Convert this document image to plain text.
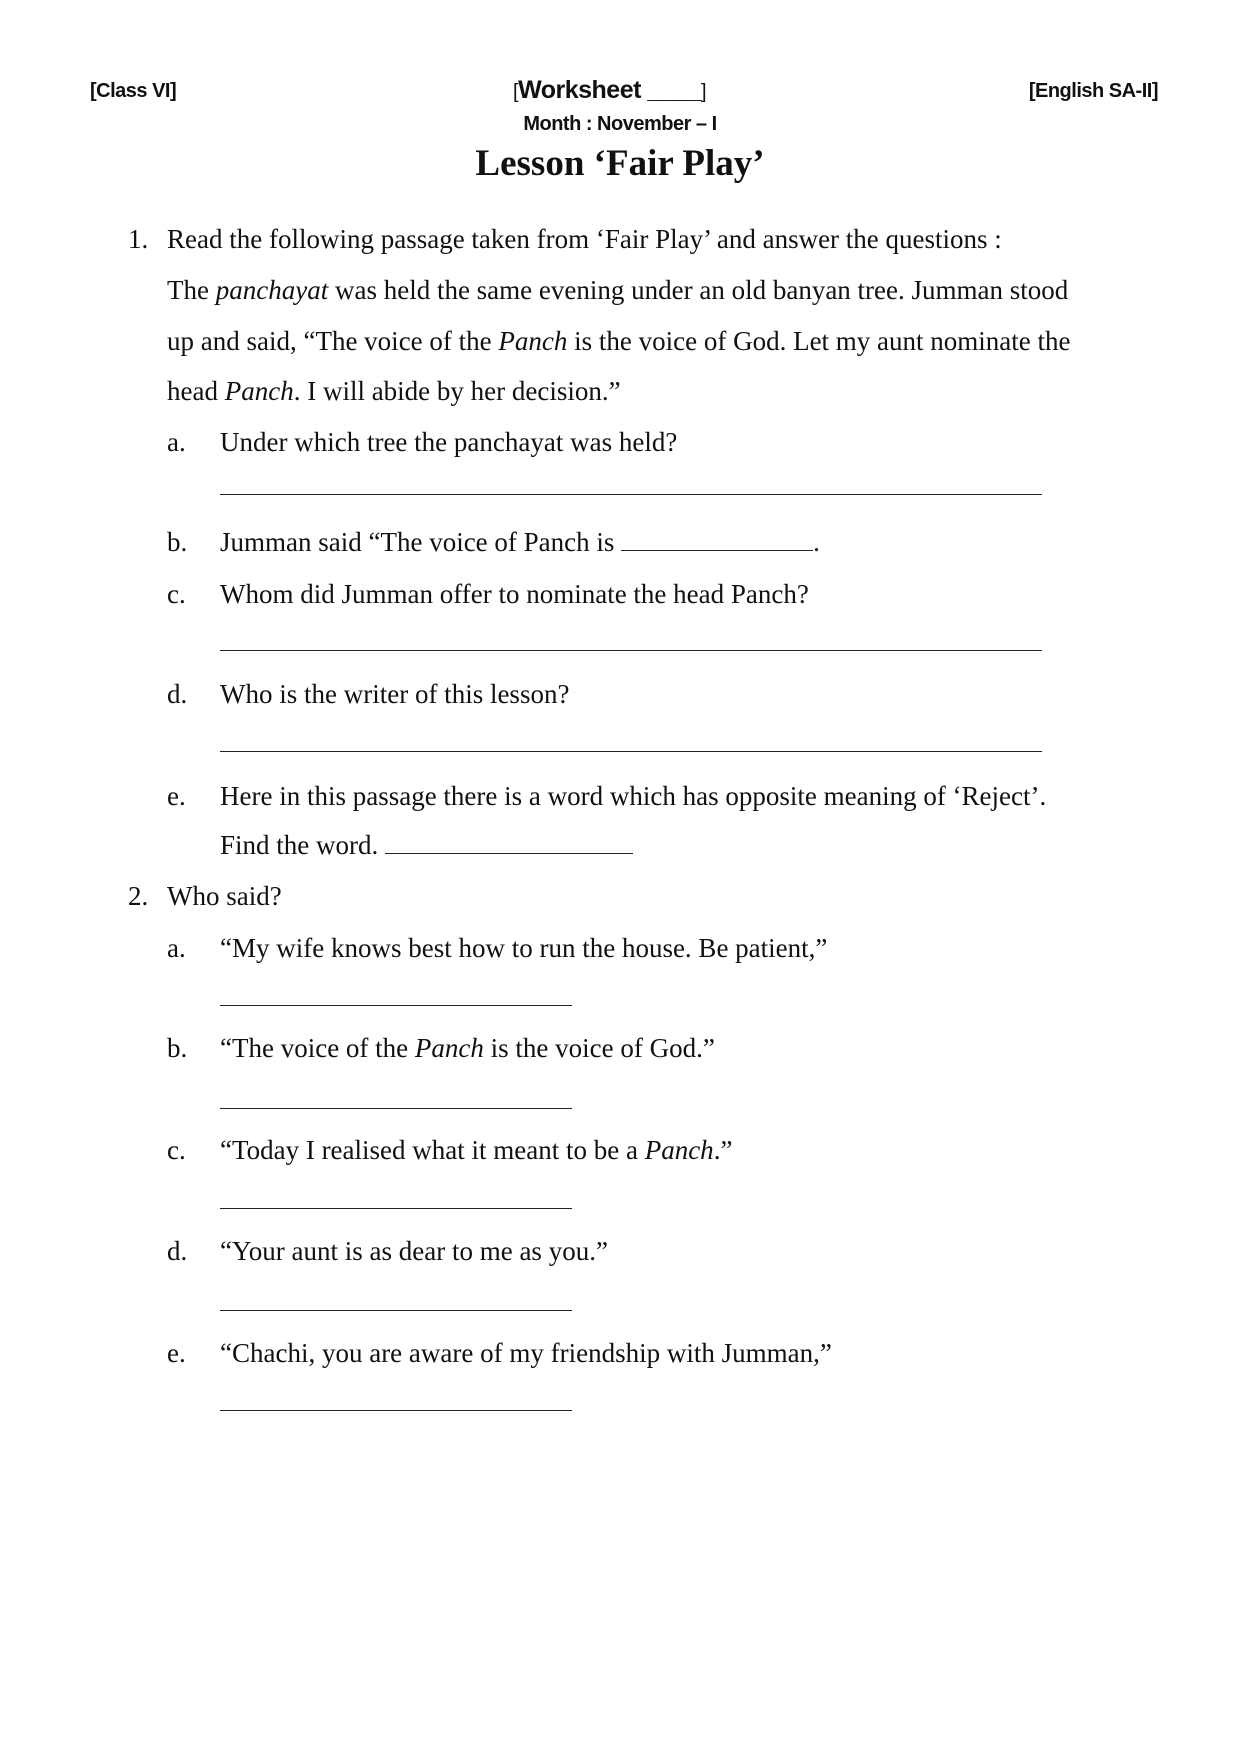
[Class VI]	[Worksheet ____]	[English SA-II]
Month : November – I
Lesson ‘Fair Play’
1. Read the following passage taken from ‘Fair Play’ and answer the questions :
The panchayat was held the same evening under an old banyan tree. Jumman stood
up and said, “The voice of the Panch is the voice of God. Let my aunt nominate the
head Panch. I will abide by her decision.”
a. Under which tree the panchayat was held?
b. Jumman said “The voice of Panch is	.
c. Whom did Jumman offer to nominate the head Panch?
d. Who is the writer of this lesson?
e. Here in this passage there is a word which has opposite meaning of ‘Reject’.
Find the word.
2. Who said?
a. “My wife knows best how to run the house. Be patient,”
b. “The voice of the Panch is the voice of God.”
c. “Today I realised what it meant to be a Panch.”
d. “Your aunt is as dear to me as you.”
e. “Chachi, you are aware of my friendship with Jumman,”
